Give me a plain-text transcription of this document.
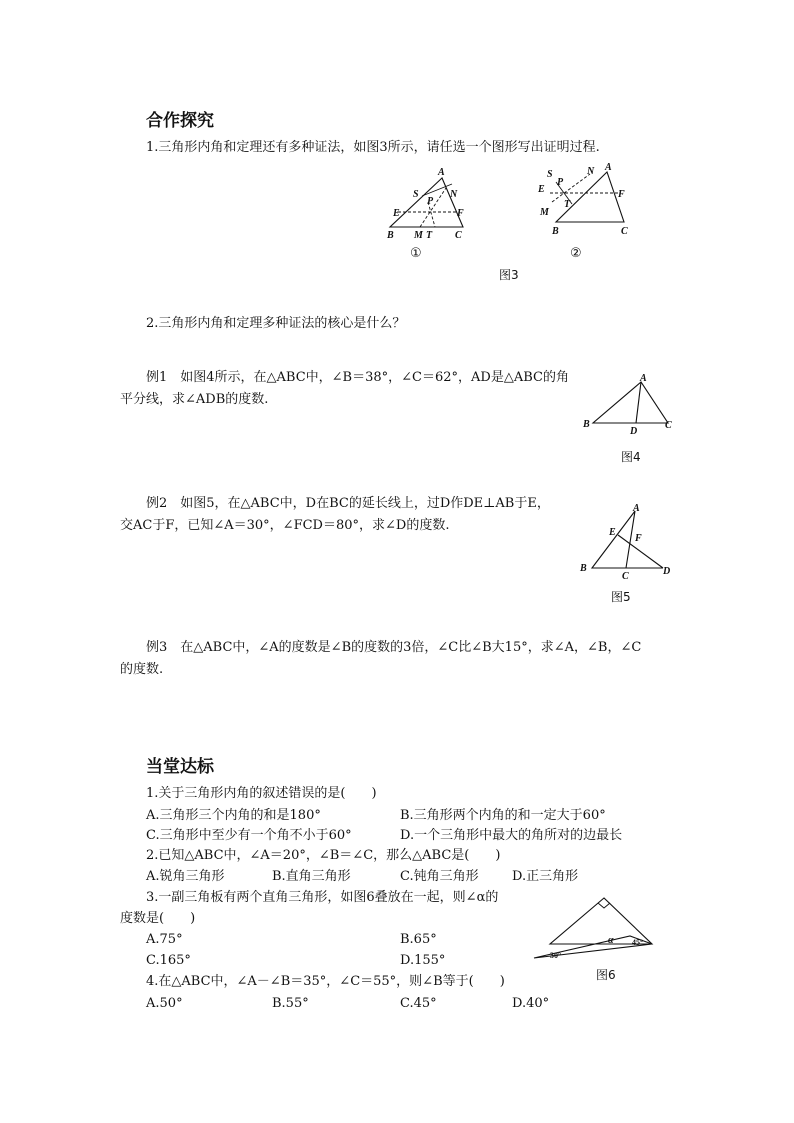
合作探究
1.三角形内角和定理还有多种证法，如图3所示，请任选一个图形写出证明过程.
A
S	N
P
E	F
B M T C
①
S
P
N A
E	F
T
M
B	C
②
图3
2.三角形内角和定理多种证法的核心是什么？
例1　如图4所示，在△ABC中，∠B＝38°，∠C＝62°，AD是△ABC的角
平分线，求∠ADB的度数.
A
B
D
C
图4
例2　如图5，在△ABC中，D在BC的延长线上，过D作DE⊥AB于E，
交AC于F，已知∠A＝30°，∠FCD＝80°，求∠D的度数.
A
E
F
B
C	D
图5
例3　在△ABC中，∠A的度数是∠B的度数的3倍，∠C比∠B大15°，求∠A，∠B，∠C
的度数.
当堂达标
1.关于三角形内角的叙述错误的是(　　)
A.三角形三个内角的和是180°	B.三角形两个内角的和一定大于60°
C.三角形中至少有一个角不小于60°	D.一个三角形中最大的角所对的边最长
2.已知△ABC中，∠A＝20°，∠B＝∠C，那么△ABC是(　　)
A.锐角三角形	B.直角三角形	C.钝角三角形	D.正三角形
3.一副三角板有两个直角三角形，如图6叠放在一起，则∠α的
度数是(　　)
A.75°	B.65°
C.165°	D.155°	30°
45°
α
图6
4.在△ABC中，∠A－∠B＝35°，∠C＝55°，则∠B等于(　　)
A.50°	B.55°	C.45°	D.40°
